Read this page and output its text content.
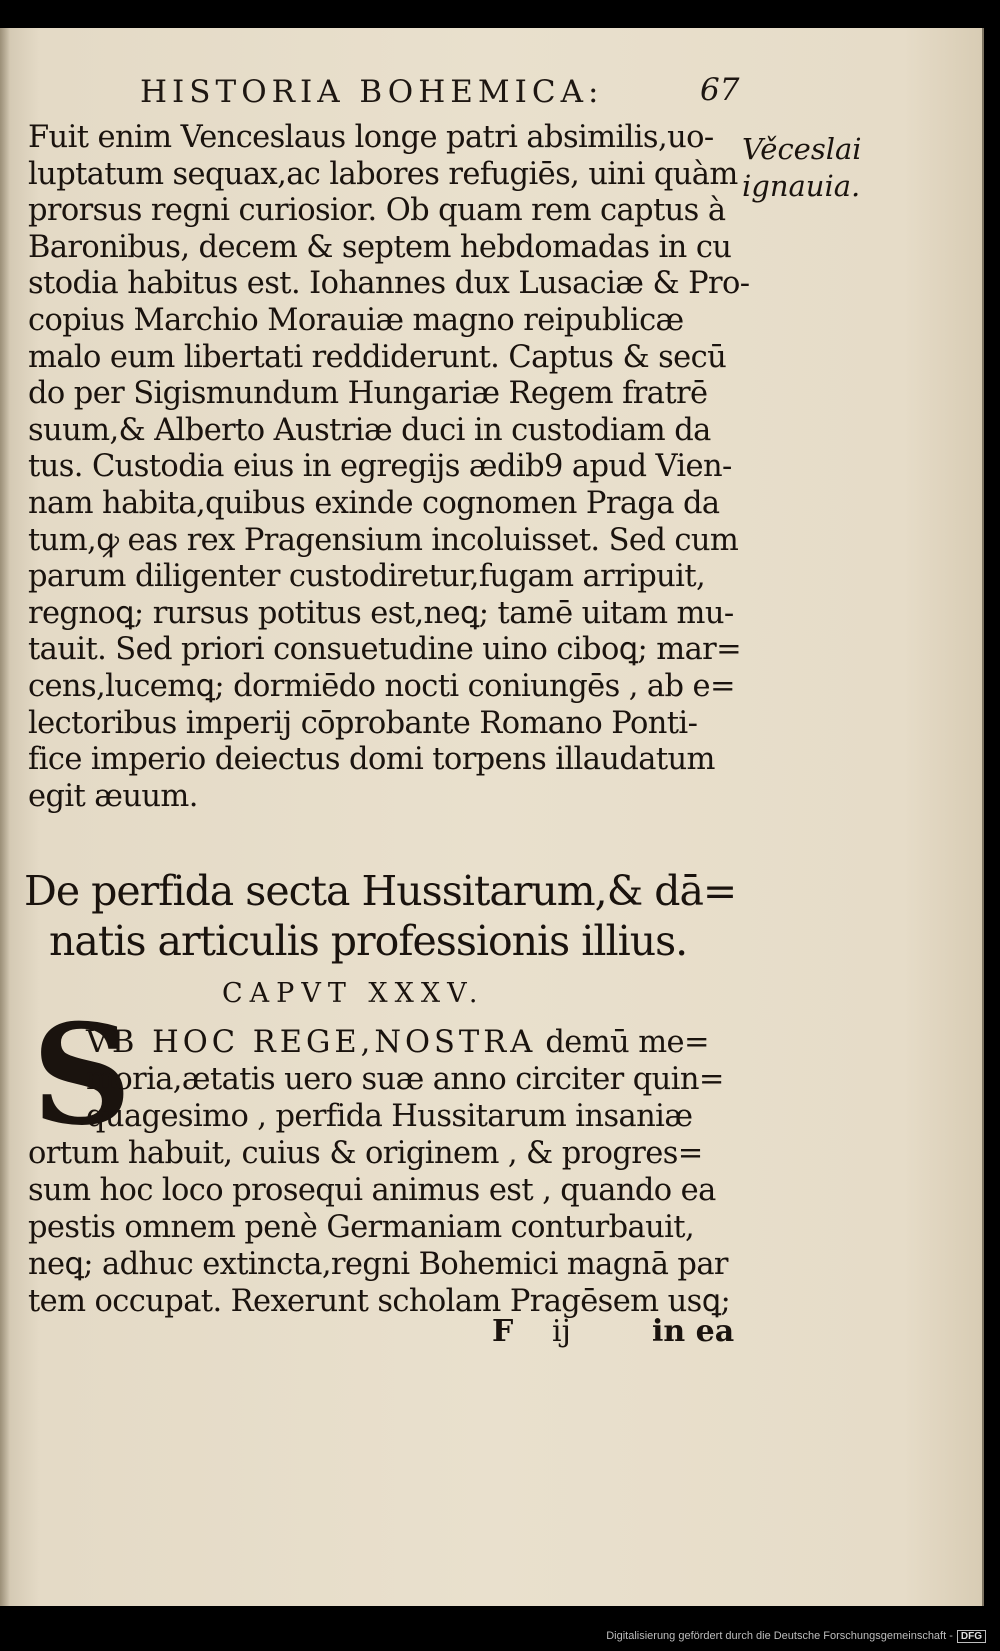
HISTORIA BOHEMICA:	67
Věceslai
ignauia.
Fuit enim Venceslaus longe patri absimilis,uo-
luptatum sequax,ac labores refugiēs, uini quàm
prorsus regni curiosior. Ob quam rem captus à
Baronibus, decem & septem hebdomadas in cu
stodia habitus est. Iohannes dux Lusaciæ & Pro-
copius Marchio Morauiæ magno reipublicæ
malo eum libertati reddiderunt. Captus & secū
do per Sigismundum Hungariæ Regem fratrē
suum,& Alberto Austriæ duci in custodiam da
tus. Custodia eius in egregijs ædib9 apud Vien-
nam habita,quibus exinde cognomen Praga da
tum,ꝙ eas rex Pragensium incoluisset. Sed cum
parum diligenter custodiretur,fugam arripuit,
regnoꝗ; rursus potitus est,neꝗ; tamē uitam mu-
tauit. Sed priori consuetudine uino ciboꝗ; mar=
cens,lucemꝗ; dormiēdo nocti coniungēs , ab e=
lectoribus imperij cōprobante Romano Ponti-
fice imperio deiectus domi torpens illaudatum
egit æuum.
De perfida secta Hussitarum,& dā=
natis articulis professionis illius.
CAPVT XXXV.
S
VB HOC REGE,NOSTRA demū me=
moria,ætatis uero suæ anno circiter quin=
quagesimo , perfida Hussitarum insaniæ
ortum habuit, cuius & originem , & progres=
sum hoc loco prosequi animus est , quando ea
pestis omnem penè Germaniam conturbauit,
neꝗ; adhuc extincta,regni Bohemici magnā par
tem occupat. Rexerunt scholam Pragēsem usꝗ;
F ij	in ea
Digitalisierung gefördert durch die Deutsche Forschungsgemeinschaft - DFG
